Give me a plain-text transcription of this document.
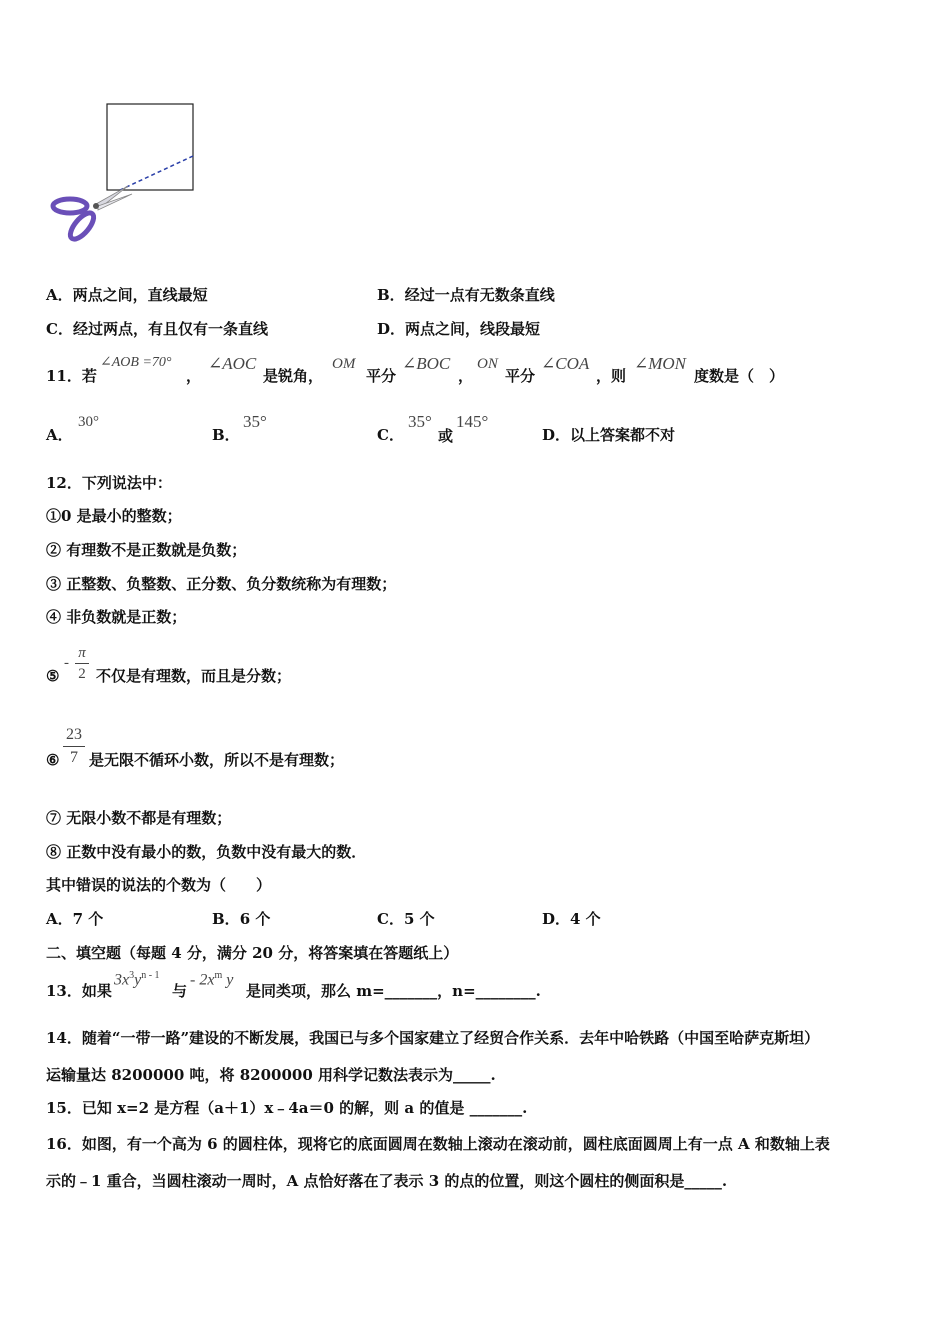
A．两点之间，直线最短	B．经过一点有无数条直线
C．经过两点，有且仅有一条直线	D．两点之间，线段最短
11．若
∠AOB =70°
，
∠AOC
是锐角，
OM
平分
∠BOC
，
ON
平分
∠COA
，则
∠MON
度数是（　）
A．
30°
B．
35°
C．
35°
或
145°
D．以上答案都不对
12．下列说法中：
①0 是最小的整数；
② 有理数不是正数就是负数；
③ 正整数、负整数、正分数、负分数统称为有理数；
④ 非负数就是正数；
⑤
-
π
2 不仅是有理数，而且是分数；
⑥
23
7 是无限不循环小数，所以不是有理数；
⑦ 无限小数不都是有理数；
⑧ 正数中没有最小的数，负数中没有最大的数．
其中错误的说法的个数为（　　）
A．7 个	B．6 个	C．5 个	D．4 个
二、填空题（每题 4 分，满分 20 分，将答案填在答题纸上）
13．如果
$3x^3y^{n - 1}$
与
- $2x^m$ y
是同类项，那么 m=_______，n=________.
14．随着“一带一路”建设的不断发展，我国已与多个国家建立了经贸合作关系．去年中哈铁路（中国至哈萨克斯坦）
运输量达 8200000 吨，将 8200000 用科学记数法表示为_____.
15．已知 x=2 是方程（a＋1）x﹣4a＝0 的解，则 a 的值是 _______.
16．如图，有一个高为 6 的圆柱体，现将它的底面圆周在数轴上滚动在滚动前，圆柱底面圆周上有一点 A 和数轴上表
示的﹣1 重合，当圆柱滚动一周时，A 点恰好落在了表示 3 的点的位置，则这个圆柱的侧面积是_____.
